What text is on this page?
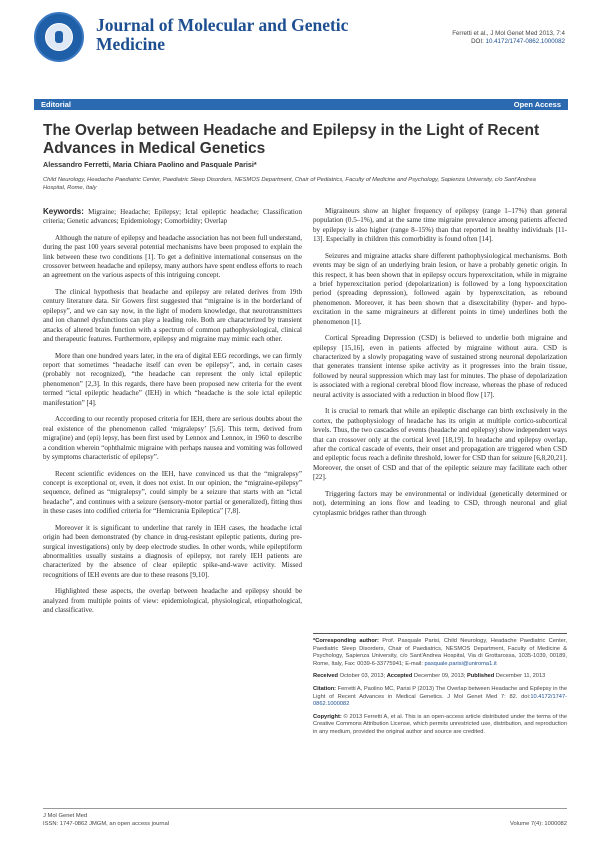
Journal of Molecular and Genetic Medicine
Ferretti et al., J Mol Genet Med 2013, 7:4
DOI: 10.4172/1747-0862.1000082
Editorial	Open Access
The Overlap between Headache and Epilepsy in the Light of Recent Advances in Medical Genetics
Alessandro Ferretti, Maria Chiara Paolino and Pasquale Parisi*
Child Neurology, Headache Paediatric Center, Paediatric Sleep Disorders, NESMOS Department, Chair of Pediatrics, Faculty of Medicine and Psychology, Sapienza University, c/o Sant'Andrea Hospital, Rome, Italy

Keywords: Migraine; Headache; Epilepsy; Ictal epileptic headache; Classification criteria; Genetic advances; Epidemiology; Comorbidity; Overlap

Although the nature of epilepsy and headache association has not been full understand, during the past 100 years several potential mechanisms have been proposed to explain the link between these two conditions [1]. To get a definitive international consensus on the crossover between headache and epilepsy, many authors have spent endless efforts to reach an agreement on the various aspects of this intriguing concept.

The clinical hypothesis that headache and epilepsy are related derives from 19th century literature data. Sir Gowers first suggested that “migraine is in the borderland of epilepsy”, and we can say now, in the light of modern knowledge, that neurotransmitters and ion channel dysfunctions can play a leading role. Both are characterized by transient attacks of altered brain function with a spectrum of common pathophysiological, clinical and therapeutic features. Furthermore, epilepsy and migraine may mimic each other.

More than one hundred years later, in the era of digital EEG recordings, we can firmly report that sometimes “headache itself can even be epilepsy”, and, in certain cases (probably not recognized), “the headache can represent the only ictal epileptic phenomenon” [2,3]. In this regards, there have been proposed new criteria for the event termed “ictal epileptic headache” (IEH) in which “headache is the sole ictal epileptic manifestation” [4].

According to our recently proposed criteria for IEH, there are serious doubts about the real existence of the phenomenon called ‘migralepsy’ [5,6]. This term, derived from migra(ine) and (epi) lepsy, has been first used by Lennox and Lennox, in 1960 to describe a condition wherein “ophthalmic migraine with perhaps nausea and vomiting was followed by symptoms characteristic of epilepsy”.

Recent scientific evidences on the IEH, have convinced us that the “migralepsy” concept is exceptional or, even, it does not exist. In our opinion, the “migraine-epilepsy” sequence, defined as “migralepsy”, could simply be a seizure that starts with an “ictal headache”, and continues with a seizure (sensory-motor partial or generalized), fitting thus in these cases into codified criteria for “Hemicrania Epileptica” [7,8].

Moreover it is significant to underline that rarely in IEH cases, the headache ictal origin had been demonstrated (by chance in drug-resistant epileptic patients, during pre-surgical investigations) only by deep electrode studies. In other words, while epileptiform abnormalities usually sustains a diagnosis of epilepsy, not rarely IEH patients are characterized by the absence of clear epileptic spike-and-wave activity. Missed recognitions of IEH events are due to these reasons [9,10].

Highlighted these aspects, the overlap between headache and epilepsy should be analyzed from multiple points of view: epidemiological, physiological, etiopathological, and classificative.

Migraineurs show an higher frequency of epilepsy (range 1–17%) than general population (0.5–1%), and at the same time migraine prevalence among patients affected by epilepsy is also higher (range 8–15%) than that reported in healthy individuals [11-13]. Especially in children this comorbidity is found often [14].

Seizures and migraine attacks share different pathophysiological mechanisms. Both events may be sign of an underlying brain lesion, or have a probably genetic origin. In this respect, it has been shown that in epilepsy occurs hyperexcitation, while in migraine a brief hyperexcitation period (depolarization) is followed by a long hypoexcitation period (spreading depression), followed again by hyperexcitation, as rebound phenomenon. Moreover, it has been shown that a disexcitability (hyper- and hypo-excitation in the same migraineurs at different points in time) underlines both the phenomenon [1].

Cortical Spreading Depression (CSD) is believed to underlie both migraine and epilepsy [15,16], even in patients affected by migraine without aura. CSD is characterized by a slowly propagating wave of sustained strong neuronal depolarization that generates transient intense spike activity as it progresses into the brain tissue, followed by neural suppression which may last for minutes. The phase of depolarization is associated with a regional cerebral blood flow increase, whereas the phase of reduced neural activity is associated with a reduction in blood flow [17].

It is crucial to remark that while an epileptic discharge can birth exclusively in the cortex, the pathophysiology of headache has its origin at multiple cortico-subcortical levels. Thus, the two cascades of events (headache and epilepsy) show independent ways that can crossover only at the cortical level [18,19]. In headache and epilepsy overlap, after the cortical cascade of events, their onset and propagation are triggered when CSD and epileptic focus reach a definite threshold, lower for CSD than for seizure [6,8,20,21]. Moreover, the onset of CSD and that of the epileptic seizure may facilitate each other [22].

Triggering factors may be environmental or individual (genetically determined or not), determining an ions flow and leading to CSD, through neuronal and glial cytoplasmic bridges rather than through

*Corresponding author: Prof. Pasquale Parisi, Child Neurology, Headache Paediatric Center, Paediatric Sleep Disorders, Chair of Paediatrics, NESMOS Department, Faculty of Medicine & Psychology, Sapienza University, c/o Sant'Andrea Hospital, Via di Grottarossa, 1035-1039, 00189, Rome, Italy, Fax: 0039-6-33775941; E-mail: pasquale.parisi@uniroma1.it

Received October 03, 2013; Accepted December 09, 2013; Published December 11, 2013

Citation: Ferretti A, Paolino MC, Parisi P (2013) The Overlap between Headache and Epilepsy in the Light of Recent Advances in Medical Genetics. J Mol Genet Med 7: 82. doi:10.4172/1747-0862.1000082

Copyright: © 2013 Ferretti A, et al. This is an open-access article distributed under the terms of the Creative Commons Attribution License, which permits unrestricted use, distribution, and reproduction in any medium, provided the original author and source are credited.

J Mol Genet Med
ISSN: 1747-0862 JMGM, an open access journal	Volume 7(4): 1000082
